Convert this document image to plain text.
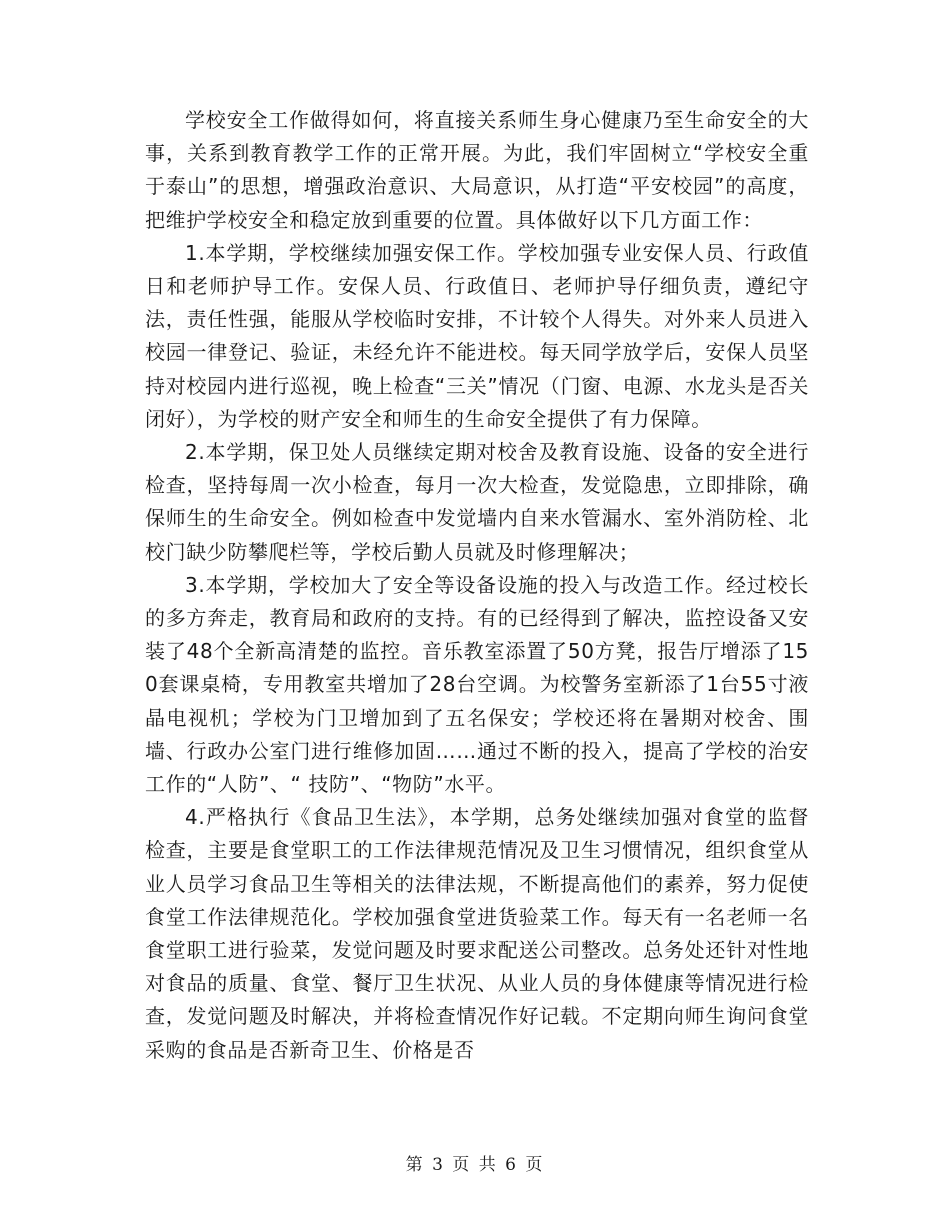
学校安全工作做得如何，将直接关系师生身心健康乃至生命安全的大事，关系到教育教学工作的正常开展。为此，我们牢固树立“学校安全重于泰山”的思想，增强政治意识、大局意识，从打造“平安校园”的高度，把维护学校安全和稳定放到重要的位置。具体做好以下几方面工作：

1.本学期，学校继续加强安保工作。学校加强专业安保人员、行政值日和老师护导工作。安保人员、行政值日、老师护导仔细负责，遵纪守法，责任性强，能服从学校临时安排，不计较个人得失。对外来人员进入校园一律登记、验证，未经允许不能进校。每天同学放学后，安保人员坚持对校园内进行巡视，晚上检查“三关”情况（门窗、电源、水龙头是否关闭好），为学校的财产安全和师生的生命安全提供了有力保障。

2.本学期，保卫处人员继续定期对校舍及教育设施、设备的安全进行检查，坚持每周一次小检查，每月一次大检查，发觉隐患，立即排除，确保师生的生命安全。例如检查中发觉墙内自来水管漏水、室外消防栓、北校门缺少防攀爬栏等，学校后勤人员就及时修理解决；

3.本学期，学校加大了安全等设备设施的投入与改造工作。经过校长的多方奔走，教育局和政府的支持。有的已经得到了解决，监控设备又安装了48个全新高清楚的监控。音乐教室添置了50方凳，报告厅增添了150套课桌椅，专用教室共增加了28台空调。为校警务室新添了1台55寸液晶电视机；学校为门卫增加到了五名保安；学校还将在暑期对校舍、围墙、行政办公室门进行维修加固……通过不断的投入，提高了学校的治安工作的“人防”、“ 技防”、“物防”水平。

4.严格执行《食品卫生法》，本学期，总务处继续加强对食堂的监督检查，主要是食堂职工的工作法律规范情况及卫生习惯情况，组织食堂从业人员学习食品卫生等相关的法律法规，不断提高他们的素养，努力促使食堂工作法律规范化。学校加强食堂进货验菜工作。每天有一名老师一名食堂职工进行验菜，发觉问题及时要求配送公司整改。总务处还针对性地对食品的质量、食堂、餐厅卫生状况、从业人员的身体健康等情况进行检查，发觉问题及时解决，并将检查情况作好记载。不定期向师生询问食堂采购的食品是否新奇卫生、价格是否

第 3 页 共 6 页
